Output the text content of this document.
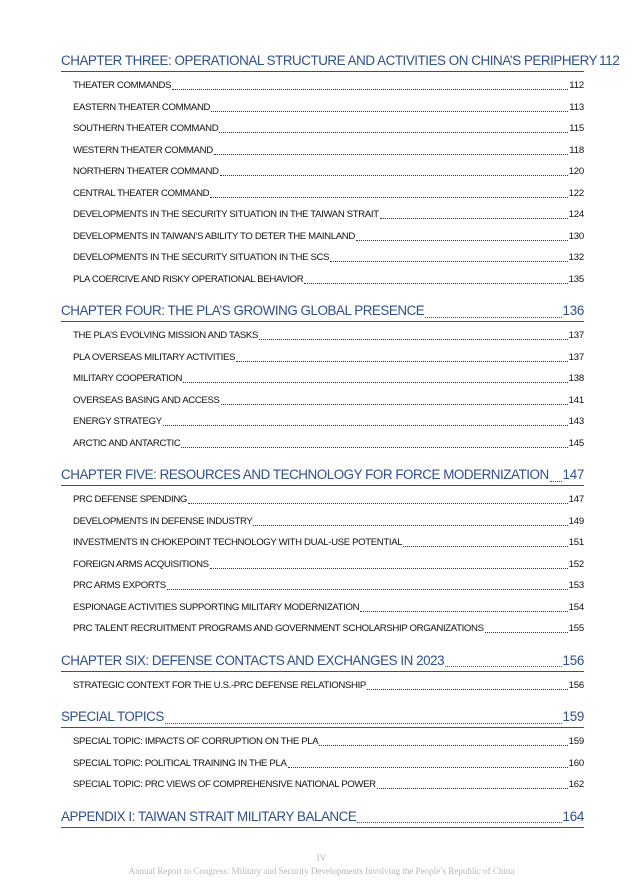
CHAPTER THREE: OPERATIONAL STRUCTURE AND ACTIVITIES ON CHINA’S PERIPHERY 112
THEATER COMMANDS	112
EASTERN THEATER COMMAND	113
SOUTHERN THEATER COMMAND	115
WESTERN THEATER COMMAND	118
NORTHERN THEATER COMMAND	120
CENTRAL THEATER COMMAND	122
DEVELOPMENTS IN THE SECURITY SITUATION IN THE TAIWAN STRAIT	124
DEVELOPMENTS IN TAIWAN’S ABILITY TO DETER THE MAINLAND	130
DEVELOPMENTS IN THE SECURITY SITUATION IN THE SCS	132
PLA COERCIVE AND RISKY OPERATIONAL BEHAVIOR	135
CHAPTER FOUR: THE PLA’S GROWING GLOBAL PRESENCE	136
THE PLA’S EVOLVING MISSION AND TASKS	137
PLA OVERSEAS MILITARY ACTIVITIES	137
MILITARY COOPERATION	138
OVERSEAS BASING AND ACCESS	141
ENERGY STRATEGY	143
ARCTIC AND ANTARCTIC	145
CHAPTER FIVE: RESOURCES AND TECHNOLOGY FOR FORCE MODERNIZATION 147
PRC DEFENSE SPENDING	147
DEVELOPMENTS IN DEFENSE INDUSTRY	149
INVESTMENTS IN CHOKEPOINT TECHNOLOGY WITH DUAL-USE POTENTIAL	151
FOREIGN ARMS ACQUISITIONS	152
PRC ARMS EXPORTS	153
ESPIONAGE ACTIVITIES SUPPORTING MILITARY MODERNIZATION	154
PRC TALENT RECRUITMENT PROGRAMS AND GOVERNMENT SCHOLARSHIP ORGANIZATIONS	155
CHAPTER SIX: DEFENSE CONTACTS AND EXCHANGES IN 2023	156
STRATEGIC CONTEXT FOR THE U.S.-PRC DEFENSE RELATIONSHIP	156
SPECIAL TOPICS	159
SPECIAL TOPIC: IMPACTS OF CORRUPTION ON THE PLA	159
SPECIAL TOPIC: POLITICAL TRAINING IN THE PLA	160
SPECIAL TOPIC: PRC VIEWS OF COMPREHENSIVE NATIONAL POWER	162
APPENDIX I: TAIWAN STRAIT MILITARY BALANCE	164
IV
Annual Report to Congress: Military and Security Developments Involving the People’s Republic of China
